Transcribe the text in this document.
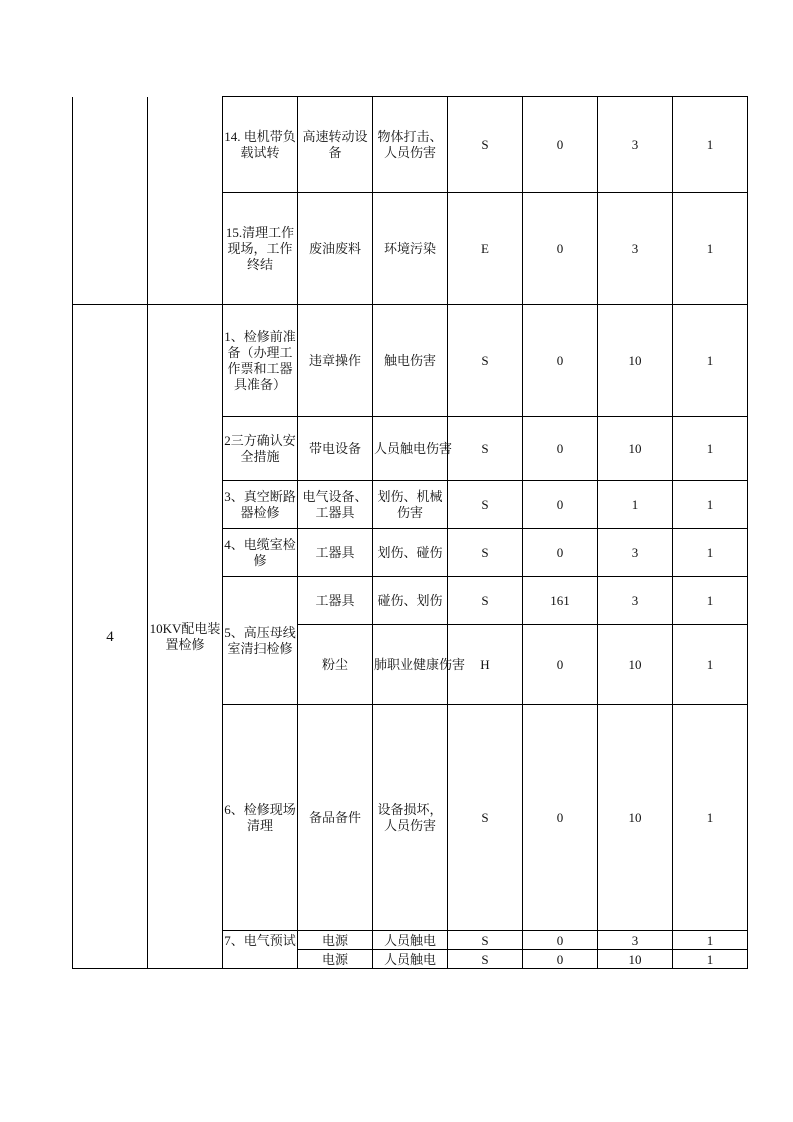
		14. 电机带负载试转	高速转动设备	物体打击、人员伤害	S	0	3	1
		15.清理工作现场，工作终结	废油废料	环境污染	E	0	3	1
4	10KV配电装置检修	1、检修前准备（办理工作票和工器具准备）	违章操作	触电伤害	S	0	10	1
		2三方确认安全措施	带电设备	人员触电伤害	S	0	10	1
		3、真空断路器检修	电气设备、工器具	划伤、机械伤害	S	0	1	1
		4、电缆室检修	工器具	划伤、碰伤	S	0	3	1
		5、高压母线室清扫检修	工器具	碰伤、划伤	S	161	3	1
			粉尘	肺职业健康伤害	H	0	10	1
		6、检修现场清理	备品备件	设备损坏，人员伤害	S	0	10	1
		7、电气预试	电源	人员触电	S	0	3	1
			电源	人员触电	S	0	10	1
